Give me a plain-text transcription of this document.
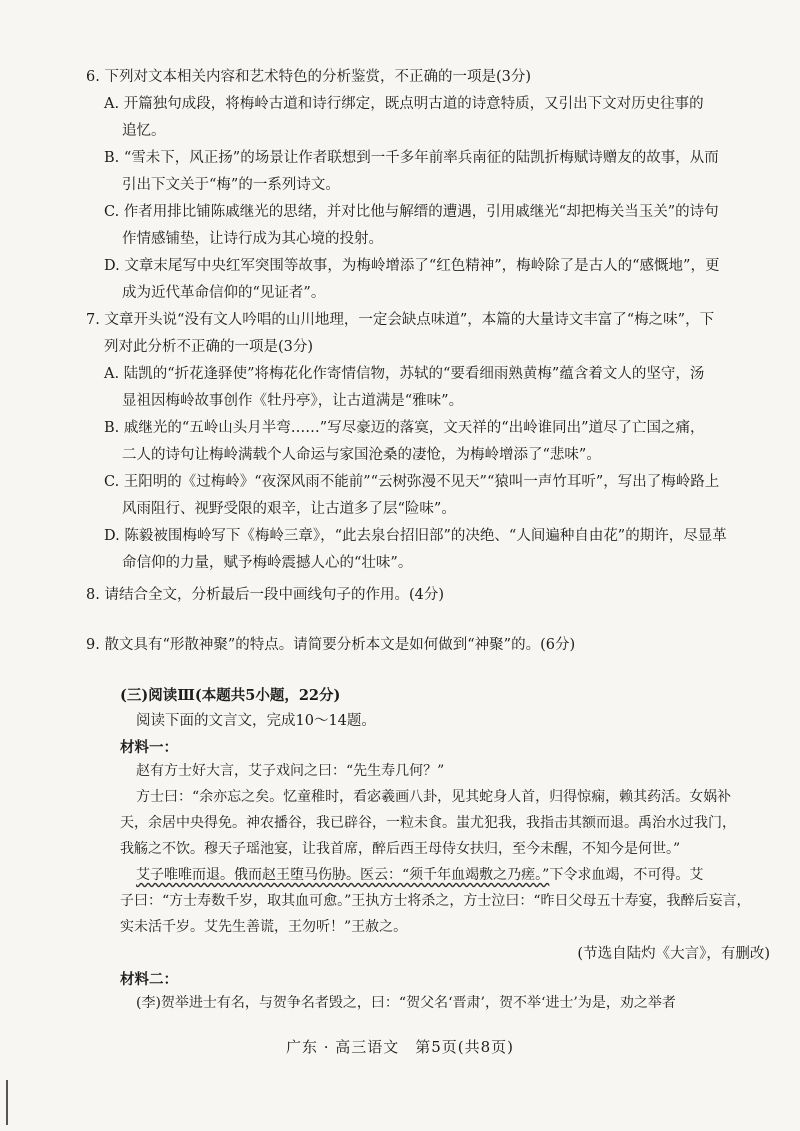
6. 下列对文本相关内容和艺术特色的分析鉴赏，不正确的一项是(3分)
A. 开篇独句成段，将梅岭古道和诗行绑定，既点明古道的诗意特质，又引出下文对历史往事的
追忆。
B. “雪未下，风正扬”的场景让作者联想到一千多年前率兵南征的陆凯折梅赋诗赠友的故事，从而
引出下文关于“梅”的一系列诗文。
C. 作者用排比铺陈戚继光的思绪，并对比他与解缙的遭遇，引用戚继光“却把梅关当玉关”的诗句
作情感铺垫，让诗行成为其心境的投射。
D. 文章末尾写中央红军突围等故事，为梅岭增添了“红色精神”，梅岭除了是古人的“感慨地”，更
成为近代革命信仰的“见证者”。
7. 文章开头说“没有文人吟唱的山川地理，一定会缺点味道”，本篇的大量诗文丰富了“梅之味”，下
列对此分析不正确的一项是(3分)
A. 陆凯的“折花逢驿使”将梅花化作寄情信物，苏轼的“要看细雨熟黄梅”蕴含着文人的坚守，汤
显祖因梅岭故事创作《牡丹亭》，让古道满是“雅味”。
B. 戚继光的“五岭山头月半弯……”写尽豪迈的落寞，文天祥的“出岭谁同出”道尽了亡国之痛，
二人的诗句让梅岭满载个人命运与家国沧桑的凄怆，为梅岭增添了“悲味”。
C. 王阳明的《过梅岭》“夜深风雨不能前”“云树弥漫不见天”“猿叫一声竹耳听”，写出了梅岭路上
风雨阻行、视野受限的艰辛，让古道多了层“险味”。
D. 陈毅被围梅岭写下《梅岭三章》，“此去泉台招旧部”的决绝、“人间遍种自由花”的期许，尽显革
命信仰的力量，赋予梅岭震撼人心的“壮味”。
8. 请结合全文，分析最后一段中画线句子的作用。(4分)
9. 散文具有“形散神聚”的特点。请简要分析本文是如何做到“神聚”的。(6分)
(三)阅读Ⅲ(本题共5小题，22分)
阅读下面的文言文，完成10～14题。
材料一：
赵有方士好大言，艾子戏问之曰：“先生寿几何？”
方士曰：“余亦忘之矣。忆童稚时，看宓羲画八卦，见其蛇身人首，归得惊痫，赖其药活。女娲补
天，余居中央得免。神农播谷，我已辟谷，一粒未食。蚩尤犯我，我指击其额而退。禹治水过我门，
我觞之不饮。穆天子瑶池宴，让我首席，醉后西王母侍女扶归，至今未醒，不知今是何世。”
艾子唯唯而退。俄而赵王堕马伤胁。医云：“须千年血竭敷之乃瘥。”下令求血竭，不可得。艾
子曰：“方士寿数千岁，取其血可愈。”王执方士将杀之，方士泣曰：“昨日父母五十寿宴，我醉后妄言，
实未活千岁。艾先生善谎，王勿听！”王赦之。
(节选自陆灼《大言》，有删改)
材料二：
(李)贺举进士有名，与贺争名者毁之，曰：“贺父名‘晋肃’，贺不举‘进士’为是，劝之举者
广东 · 高三语文　第5页(共8页)
